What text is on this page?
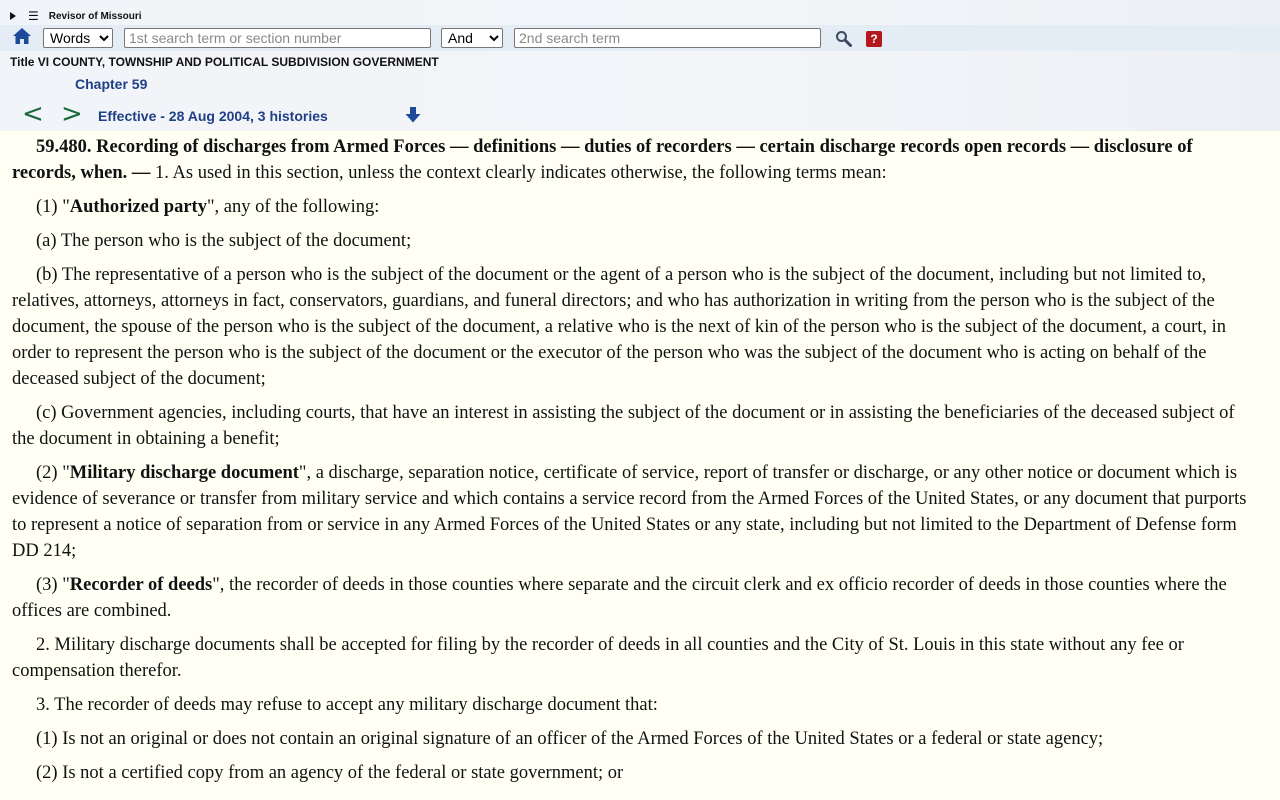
☰ Revisor of Missouri
Words
1st search term or section number
And
2nd search term
?
Title VI COUNTY, TOWNSHIP AND POLITICAL SUBDIVISION GOVERNMENT
Chapter 59
< > Effective - 28 Aug 2004, 3 histories

59.480. Recording of discharges from Armed Forces — definitions — duties of recorders — certain discharge records open records — disclosure of records, when. — 1. As used in this section, unless the context clearly indicates otherwise, the following terms mean:

(1) "Authorized party", any of the following:

(a) The person who is the subject of the document;

(b) The representative of a person who is the subject of the document or the agent of a person who is the subject of the document, including but not limited to, relatives, attorneys, attorneys in fact, conservators, guardians, and funeral directors; and who has authorization in writing from the person who is the subject of the document, the spouse of the person who is the subject of the document, a relative who is the next of kin of the person who is the subject of the document, a court, in order to represent the person who is the subject of the document or the executor of the person who was the subject of the document who is acting on behalf of the deceased subject of the document;

(c) Government agencies, including courts, that have an interest in assisting the subject of the document or in assisting the beneficiaries of the deceased subject of the document in obtaining a benefit;

(2) "Military discharge document", a discharge, separation notice, certificate of service, report of transfer or discharge, or any other notice or document which is evidence of severance or transfer from military service and which contains a service record from the Armed Forces of the United States, or any document that purports to represent a notice of separation from or service in any Armed Forces of the United States or any state, including but not limited to the Department of Defense form DD 214;

(3) "Recorder of deeds", the recorder of deeds in those counties where separate and the circuit clerk and ex officio recorder of deeds in those counties where the offices are combined.

2. Military discharge documents shall be accepted for filing by the recorder of deeds in all counties and the City of St. Louis in this state without any fee or compensation therefor.

3. The recorder of deeds may refuse to accept any military discharge document that:

(1) Is not an original or does not contain an original signature of an officer of the Armed Forces of the United States or a federal or state agency;

(2) Is not a certified copy from an agency of the federal or state government; or
